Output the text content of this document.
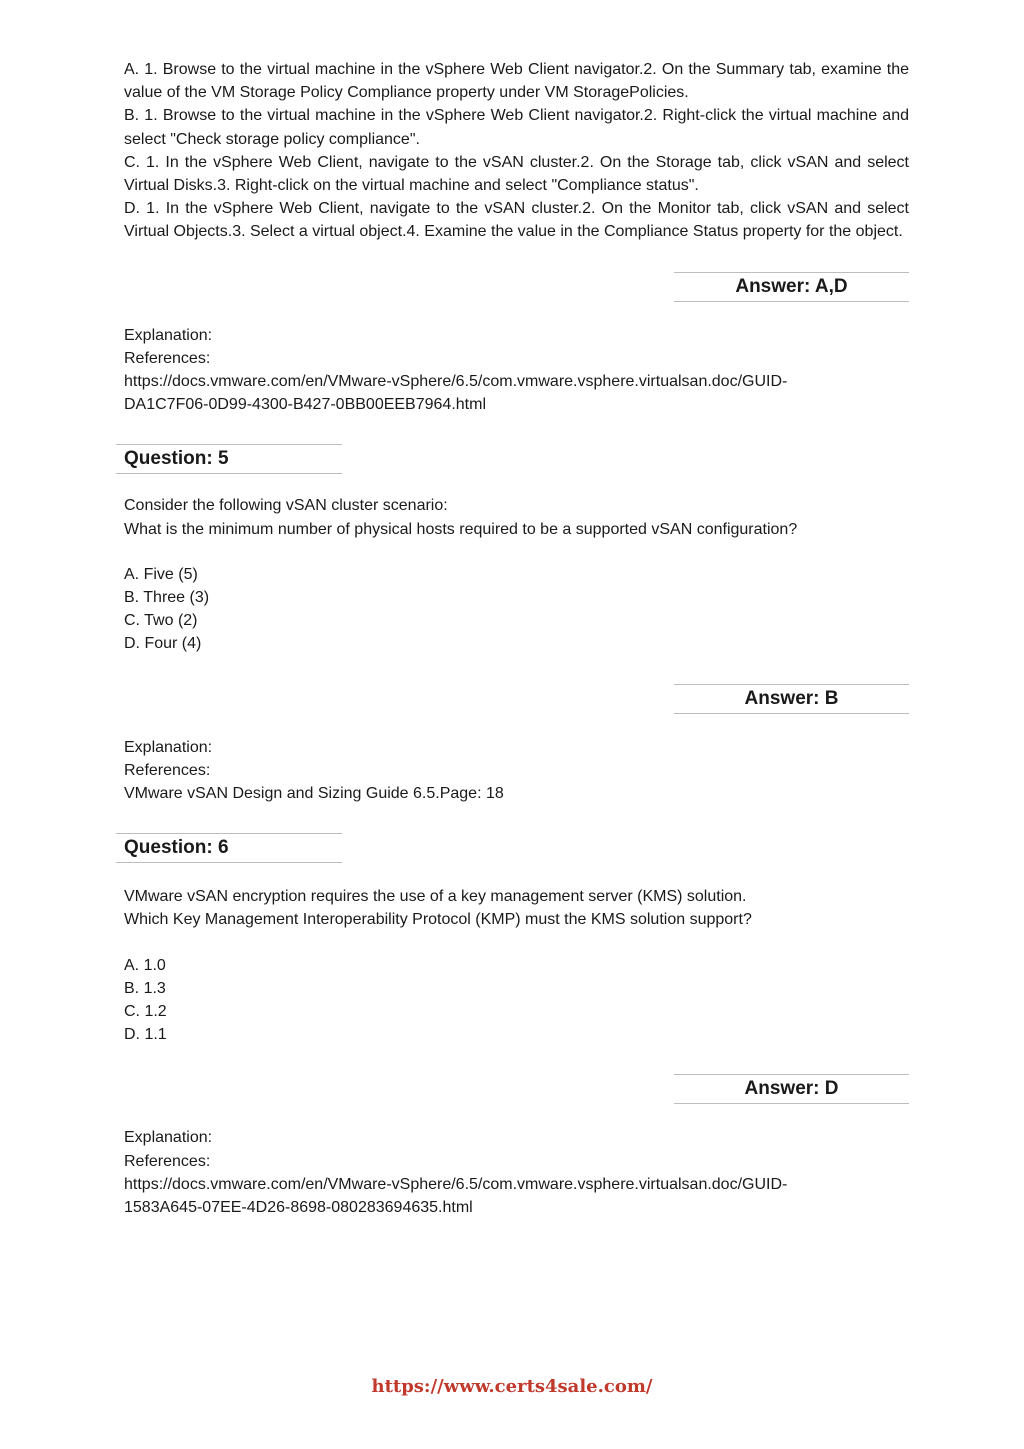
A. 1. Browse to the virtual machine in the vSphere Web Client navigator.2. On the Summary tab, examine the value of the VM Storage Policy Compliance property under VM StoragePolicies.

B. 1. Browse to the virtual machine in the vSphere Web Client navigator.2. Right-click the virtual machine and select "Check storage policy compliance".

C. 1. In the vSphere Web Client, navigate to the vSAN cluster.2. On the Storage tab, click vSAN and select Virtual Disks.3. Right-click on the virtual machine and select "Compliance status".

D. 1. In the vSphere Web Client, navigate to the vSAN cluster.2. On the Monitor tab, click vSAN and select Virtual Objects.3. Select a virtual object.4. Examine the value in the Compliance Status property for the object.

Answer: A,D

Explanation:

References:

https://docs.vmware.com/en/VMware-vSphere/6.5/com.vmware.vsphere.virtualsan.doc/GUID-

DA1C7F06-0D99-4300-B427-0BB00EEB7964.html

Question: 5

Consider the following vSAN cluster scenario:

What is the minimum number of physical hosts required to be a supported vSAN configuration?

A. Five (5)

B. Three (3)

C. Two (2)

D. Four (4)

Answer: B

Explanation:

References:

VMware vSAN Design and Sizing Guide 6.5.Page: 18

Question: 6

VMware vSAN encryption requires the use of a key management server (KMS) solution.

Which Key Management Interoperability Protocol (KMP) must the KMS solution support?

A. 1.0

B. 1.3

C. 1.2

D. 1.1

Answer: D

Explanation:

References:

https://docs.vmware.com/en/VMware-vSphere/6.5/com.vmware.vsphere.virtualsan.doc/GUID-

1583A645-07EE-4D26-8698-080283694635.html

https://www.certs4sale.com/
